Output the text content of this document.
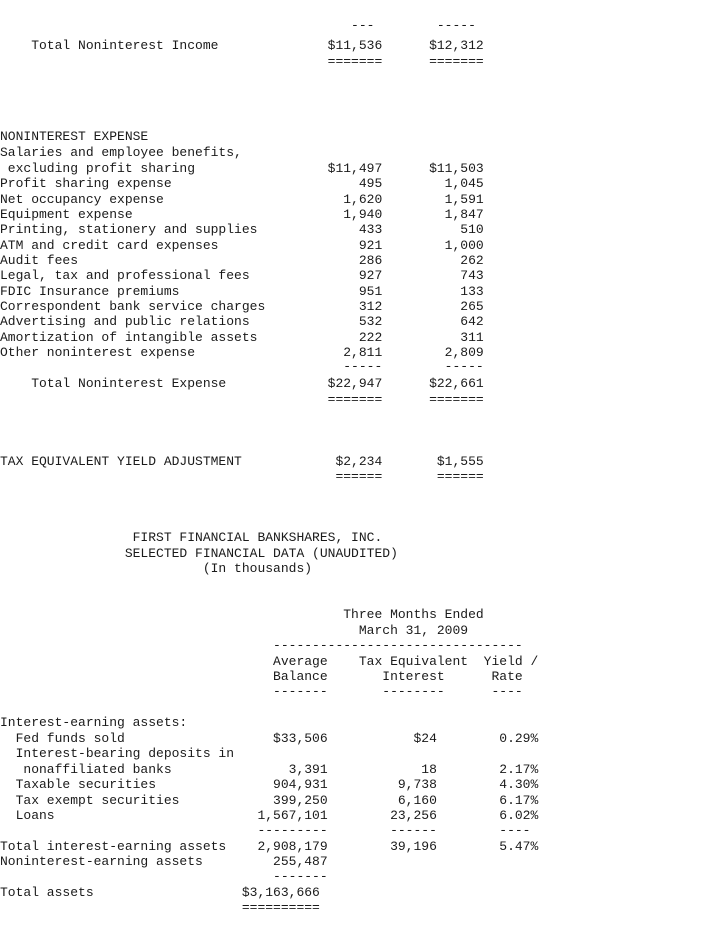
---        -----
Total Noninterest Income              $11,536      $12,312
=======      =======
NONINTEREST EXPENSE
Salaries and employee benefits,
excluding profit sharing                 $11,497      $11,503
Profit sharing expense                        495        1,045
Net occupancy expense                       1,620        1,591
Equipment expense                           1,940        1,847
Printing, stationery and supplies             433          510
ATM and credit card expenses                  921        1,000
Audit fees                                    286          262
Legal, tax and professional fees              927          743
FDIC Insurance premiums                       951          133
Correspondent bank service charges            312          265
Advertising and public relations              532          642
Amortization of intangible assets             222          311
Other noninterest expense                   2,811        2,809
-----        -----
Total Noninterest Expense             $22,947      $22,661
=======      =======
TAX EQUIVALENT YIELD ADJUSTMENT            $2,234       $1,555
======       ======
FIRST FINANCIAL BANKSHARES, INC.
SELECTED FINANCIAL DATA (UNAUDITED)
(In thousands)
Three Months Ended
March 31, 2009
--------------------------------
Average    Tax Equivalent  Yield /
Balance       Interest      Rate
-------       --------      ----
Interest-earning assets:
Fed funds sold                   $33,506           $24        0.29%
Interest-bearing deposits in
nonaffiliated banks               3,391            18        2.17%
Taxable securities               904,931         9,738        4.30%
Tax exempt securities            399,250         6,160        6.17%
Loans                          1,567,101        23,256        6.02%
---------        ------        ----
Total interest-earning assets    2,908,179        39,196        5.47%
Noninterest-earning assets         255,487
-------
Total assets                   $3,163,666
==========
